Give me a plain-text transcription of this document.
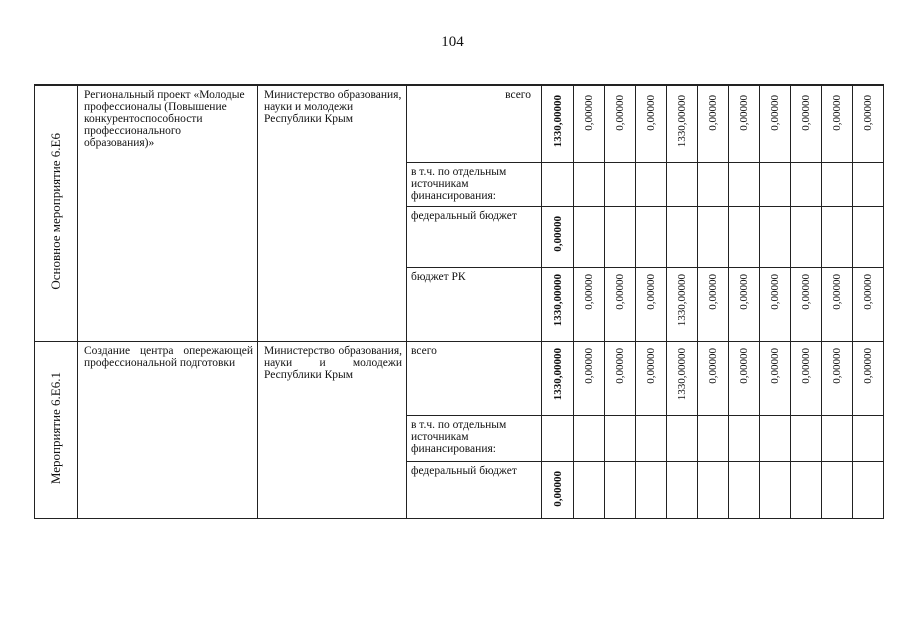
104
Основное мероприятие 6.Е6	Региональный проект «Молодые профессионалы (Повышение конкурентоспособности профессионального образования)»	Министерство образования, науки и молодежи Республики Крым	всего	1330,00000	0,00000	0,00000	0,00000	1330,00000	0,00000	0,00000	0,00000	0,00000	0,00000	0,00000

			в т.ч. по отдельным источникам финансирования:											
			федеральный бюджет	0,00000										

			бюджет РК	1330,00000	0,00000	0,00000	0,00000	1330,00000	0,00000	0,00000	0,00000	0,00000	0,00000	0,00000

Мероприятие 6.Е6.1	Создание центра опережающей профессиональной подготовки	Министерство образования, науки и молодежи Республики Крым	всего	1330,00000	0,00000	0,00000	0,00000	1330,00000	0,00000	0,00000	0,00000	0,00000	0,00000	0,00000

			в т.ч. по отдельным источникам финансирования:											
			федеральный бюджет	0,00000										
